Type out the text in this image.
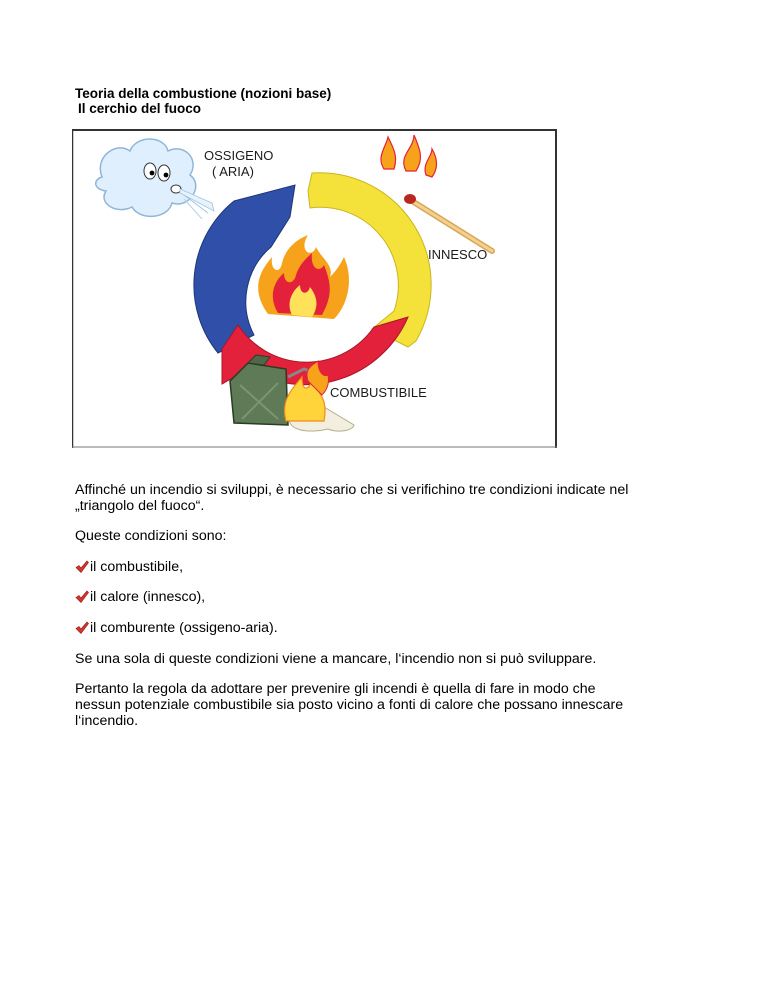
Teoria della combustione (nozioni base)

Il cerchio del fuoco

OSSIGENO
( ARIA)
INNESCO
COMBUSTIBILE

Affinché un incendio si sviluppi, è necessario che si verifichino tre condizioni indicate nel

„triangolo del fuoco“.

Queste condizioni sono:

il combustibile,
il calore (innesco),
il comburente (ossigeno-aria).

Se una sola di queste condizioni viene a mancare, l‘incendio non si può sviluppare.

Pertanto la regola da adottare per prevenire gli incendi è quella di fare in modo che

nessun potenziale combustibile sia posto vicino a fonti di calore che possano innescare

l‘incendio.
